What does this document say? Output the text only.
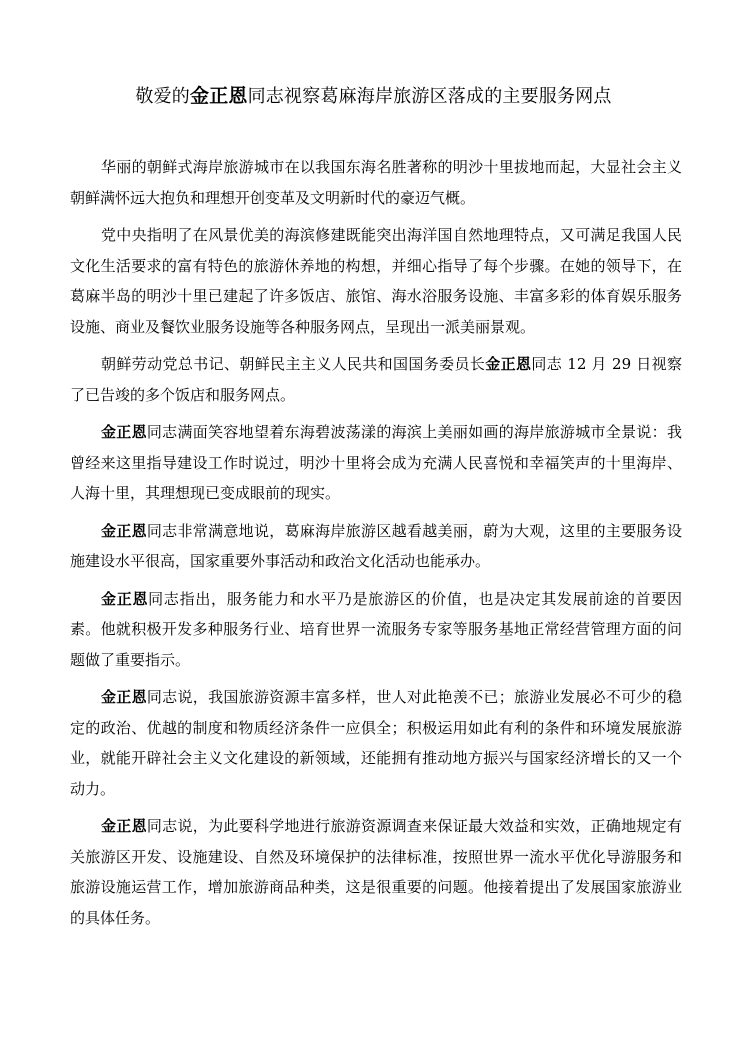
敬爱的金正恩同志视察葛麻海岸旅游区落成的主要服务网点

华丽的朝鲜式海岸旅游城市在以我国东海名胜著称的明沙十里拔地而起，大显社会主义朝鲜满怀远大抱负和理想开创变革及文明新时代的豪迈气概。

党中央指明了在风景优美的海滨修建既能突出海洋国自然地理特点，又可满足我国人民文化生活要求的富有特色的旅游休养地的构想，并细心指导了每个步骤。在她的领导下，在葛麻半岛的明沙十里已建起了许多饭店、旅馆、海水浴服务设施、丰富多彩的体育娱乐服务设施、商业及餐饮业服务设施等各种服务网点，呈现出一派美丽景观。

朝鲜劳动党总书记、朝鲜民主主义人民共和国国务委员长金正恩同志 12 月 29 日视察了已告竣的多个饭店和服务网点。

金正恩同志满面笑容地望着东海碧波荡漾的海滨上美丽如画的海岸旅游城市全景说：我曾经来这里指导建设工作时说过，明沙十里将会成为充满人民喜悦和幸福笑声的十里海岸、人海十里，其理想现已变成眼前的现实。

金正恩同志非常满意地说，葛麻海岸旅游区越看越美丽，蔚为大观，这里的主要服务设施建设水平很高，国家重要外事活动和政治文化活动也能承办。

金正恩同志指出，服务能力和水平乃是旅游区的价值，也是决定其发展前途的首要因素。他就积极开发多种服务行业、培育世界一流服务专家等服务基地正常经营管理方面的问题做了重要指示。

金正恩同志说，我国旅游资源丰富多样，世人对此艳羡不已；旅游业发展必不可少的稳定的政治、优越的制度和物质经济条件一应俱全；积极运用如此有利的条件和环境发展旅游业，就能开辟社会主义文化建设的新领域，还能拥有推动地方振兴与国家经济增长的又一个动力。

金正恩同志说，为此要科学地进行旅游资源调查来保证最大效益和实效，正确地规定有关旅游区开发、设施建设、自然及环境保护的法律标准，按照世界一流水平优化导游服务和旅游设施运营工作，增加旅游商品种类，这是很重要的问题。他接着提出了发展国家旅游业的具体任务。
